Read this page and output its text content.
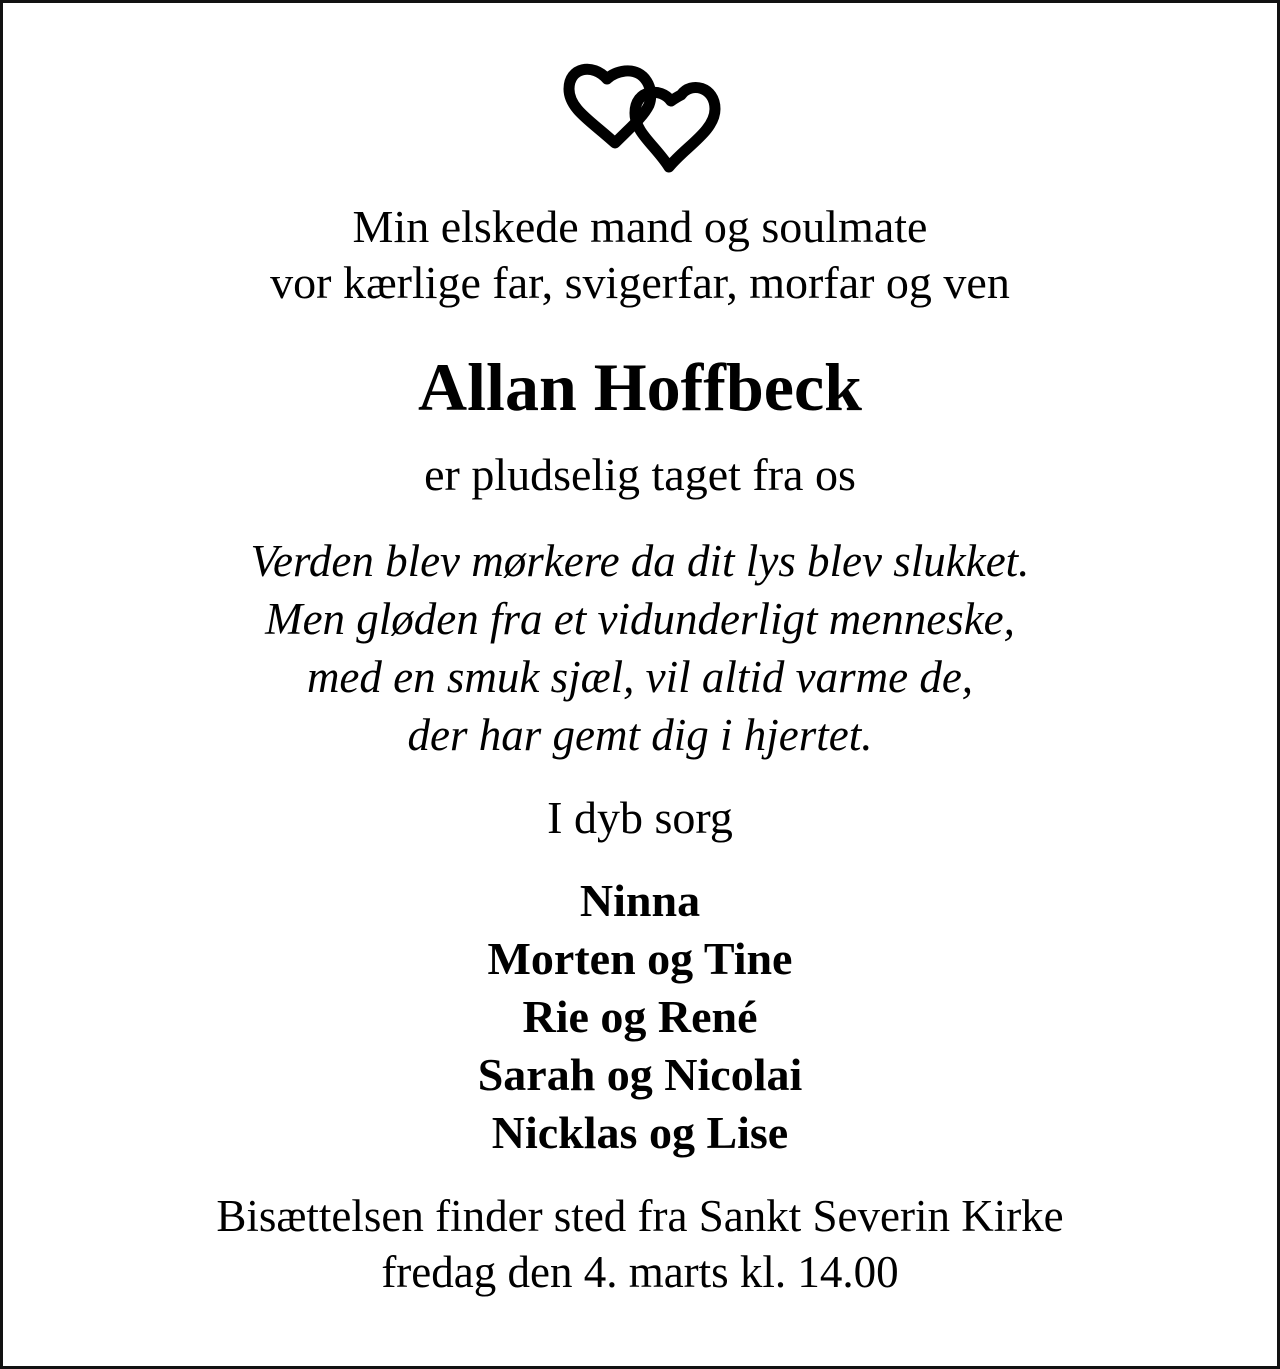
Min elskede mand og soulmate
vor kærlige far, svigerfar, morfar og ven

Allan Hoffbeck

er pludselig taget fra os

Verden blev mørkere da dit lys blev slukket.
Men gløden fra et vidunderligt menneske,
med en smuk sjæl, vil altid varme de,
der har gemt dig i hjertet.

I dyb sorg

Ninna
Morten og Tine
Rie og René
Sarah og Nicolai
Nicklas og Lise

Bisættelsen finder sted fra Sankt Severin Kirke
fredag den 4. marts kl. 14.00
